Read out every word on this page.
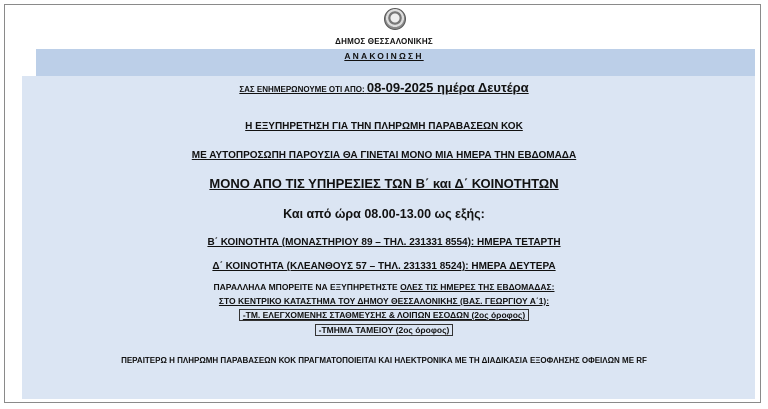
ΔΗΜΟΣ ΘΕΣΣΑΛΟΝΙΚΗΣ
ΑΝΑΚΟΙΝΩΣΗ
ΣΑΣ ΕΝΗΜΕΡΩΝΟΥΜΕ ΟΤΙ ΑΠΟ: 08-09-2025 ημέρα Δευτέρα
Η ΕΞΥΠΗΡΕΤΗΣΗ ΓΙΑ ΤΗΝ ΠΛΗΡΩΜΗ ΠΑΡΑΒΑΣΕΩΝ ΚΟΚ
ΜΕ ΑΥΤΟΠΡΟΣΩΠΗ ΠΑΡΟΥΣΙΑ ΘΑ ΓΙΝΕΤΑΙ ΜΟΝΟ ΜΙΑ ΗΜΕΡΑ ΤΗΝ ΕΒΔΟΜΑΔΑ
ΜΟΝΟ ΑΠΟ ΤΙΣ ΥΠΗΡΕΣΙΕΣ ΤΩΝ Β΄ και Δ΄ ΚΟΙΝΟΤΗΤΩΝ
Και από ώρα 08.00-13.00 ως εξής:
Β΄ ΚΟΙΝΟΤΗΤΑ (ΜΟΝΑΣΤΗΡΙΟΥ 89 – ΤΗΛ. 231331 8554): ΗΜΕΡΑ ΤΕΤΑΡΤΗ
Δ΄ ΚΟΙΝΟΤΗΤΑ (ΚΛΕΑΝΘΟΥΣ 57 – ΤΗΛ. 231331 8524): ΗΜΕΡΑ ΔΕΥΤΕΡΑ
ΠΑΡΑΛΛΗΛΑ ΜΠΟΡΕΙΤΕ ΝΑ ΕΞΥΠΗΡΕΤΗΣΤΕ ΟΛΕΣ ΤΙΣ ΗΜΕΡΕΣ ΤΗΣ ΕΒΔΟΜΑΔΑΣ:
ΣΤΟ ΚΕΝΤΡΙΚΟ ΚΑΤΑΣΤΗΜΑ ΤΟΥ ΔΗΜΟΥ ΘΕΣΣΑΛΟΝΙΚΗΣ (ΒΑΣ. ΓΕΩΡΓΙΟΥ Α΄1):
-ΤΜ. ΕΛΕΓΧΟΜΕΝΗΣ ΣΤΑΘΜΕΥΣΗΣ & ΛΟΙΠΩΝ ΕΣΟΔΩΝ (2ος όροφος)
-ΤΜΗΜΑ ΤΑΜΕΙΟΥ (2ος όροφος)
ΠΕΡΑΙΤΕΡΩ Η ΠΛΗΡΩΜΗ ΠΑΡΑΒΑΣΕΩΝ ΚΟΚ ΠΡΑΓΜΑΤΟΠΟΙΕΙΤΑΙ ΚΑΙ ΗΛΕΚΤΡΟΝΙΚΑ ΜΕ ΤΗ ΔΙΑΔΙΚΑΣΙΑ ΕΞΟΦΛΗΣΗΣ ΟΦΕΙΛΩΝ ΜΕ RF
